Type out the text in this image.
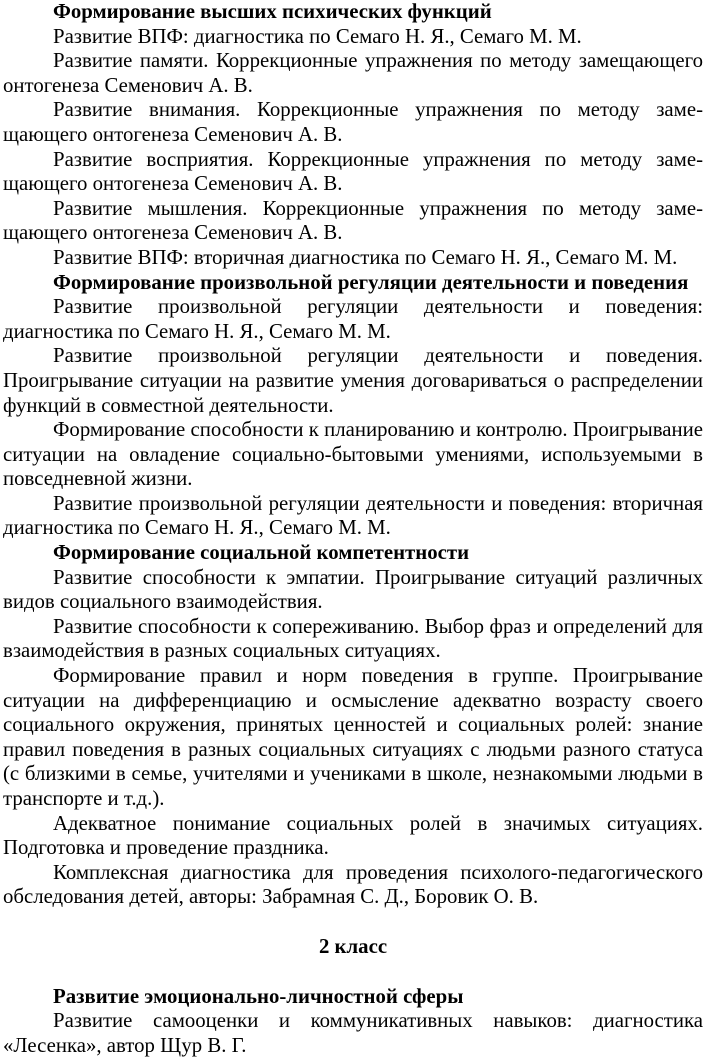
Формирование высших психических функций

Развитие ВПФ: диагностика по Семаго Н. Я., Семаго М. М.

Развитие памяти. Коррекционные упражнения по методу замещающего онтогенеза Семенович А. В.

Развитие внимания. Коррекционные упражнения по методу замещающего онтогенеза Семенович А. В.

Развитие восприятия. Коррекционные упражнения по методу замещающего онтогенеза Семенович А. В.

Развитие мышления. Коррекционные упражнения по методу замещающего онтогенеза Семенович А. В.

Развитие ВПФ: вторичная диагностика по Семаго Н. Я., Семаго М. М.

Формирование произвольной регуляции деятельности и поведения

Развитие произвольной регуляции деятельности и поведения: диагностика по Семаго Н. Я., Семаго М. М.

Развитие произвольной регуляции деятельности и поведения. Проигрывание ситуации на развитие умения договариваться о распределении функций в совместной деятельности.

Формирование способности к планированию и контролю. Проигрывание ситуации на овладение социально-бытовыми умениями, используемыми в повседневной жизни.

Развитие произвольной регуляции деятельности и поведения: вторичная диагностика по Семаго Н. Я., Семаго М. М.

Формирование социальной компетентности

Развитие способности к эмпатии. Проигрывание ситуаций различных видов социального взаимодействия.

Развитие способности к сопереживанию. Выбор фраз и определений для взаимодействия в разных социальных ситуациях.

Формирование правил и норм поведения в группе. Проигрывание ситуации на дифференциацию и осмысление адекватно возрасту своего социального окружения, принятых ценностей и социальных ролей: знание правил поведения в разных социальных ситуациях с людьми разного статуса (с близкими в семье, учителями и учениками в школе, незнакомыми людьми в транспорте и т.д.).

Адекватное понимание социальных ролей в значимых ситуациях. Подготовка и проведение праздника.

Комплексная диагностика для проведения психолого-педагогического обследования детей, авторы: Забрамная С. Д., Боровик О. В.

2 класс

Развитие эмоционально-личностной сферы

Развитие самооценки и коммуникативных навыков: диагностика «Лесенка», автор Щур В. Г.
